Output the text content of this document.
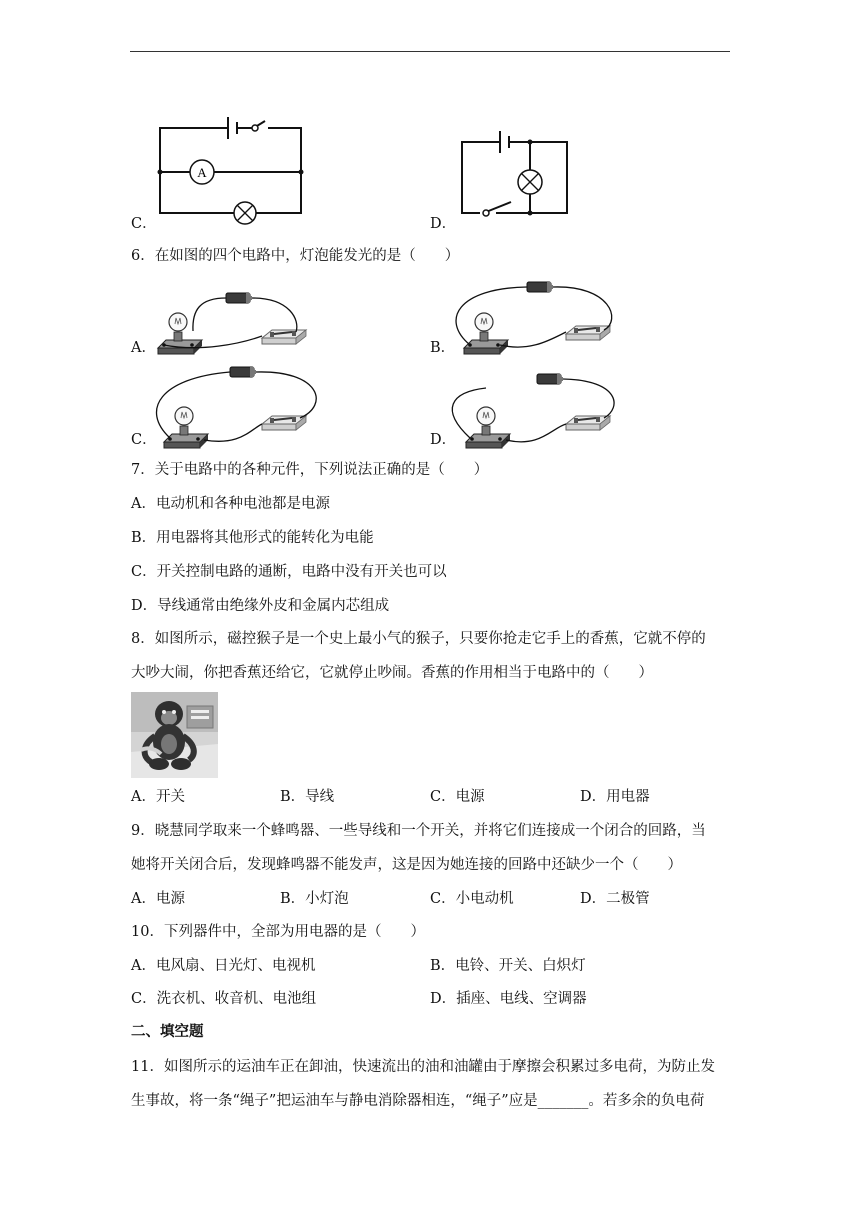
C．
A
D．
6．在如图的四个电路中，灯泡能发光的是（　　）
A．	B．
C．	D．
7．关于电路中的各种元件，下列说法正确的是（　　）
A．电动机和各种电池都是电源
B．用电器将其他形式的能转化为电能
C．开关控制电路的通断，电路中没有开关也可以
D．导线通常由绝缘外皮和金属内芯组成
8．如图所示，磁控猴子是一个史上最小气的猴子，只要你抢走它手上的香蕉，它就不停的
大吵大闹，你把香蕉还给它，它就停止吵闹。香蕉的作用相当于电路中的（　　）
A．开关	B．导线	C．电源	D．用电器
9．晓慧同学取来一个蜂鸣器、一些导线和一个开关，并将它们连接成一个闭合的回路，当
她将开关闭合后，发现蜂鸣器不能发声，这是因为她连接的回路中还缺少一个（　　）
A．电源	B．小灯泡	C．小电动机	D．二极管
10．下列器件中，全部为用电器的是（　　）
A．电风扇、日光灯、电视机	B．电铃、开关、白炽灯
C．洗衣机、收音机、电池组	D．插座、电线、空调器
二、填空题
11．如图所示的运油车正在卸油，快速流出的油和油罐由于摩擦会积累过多电荷，为防止发
生事故，将一条“绳子”把运油车与静电消除器相连，“绳子”应是_______。若多余的负电荷
